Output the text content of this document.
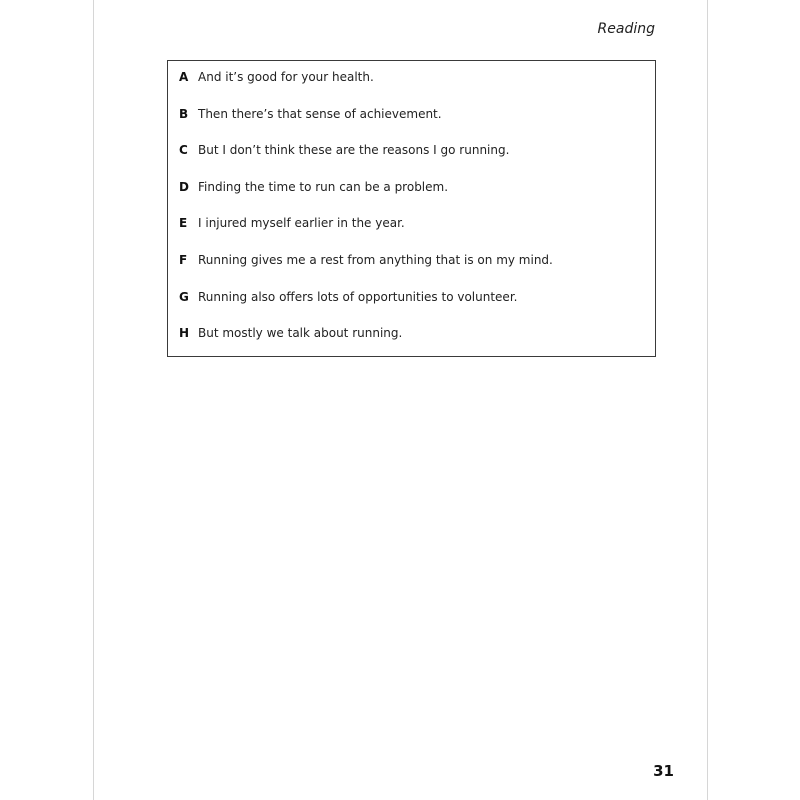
Reading
A And it’s good for your health.
B Then there’s that sense of achievement.
C But I don’t think these are the reasons I go running.
D Finding the time to run can be a problem.
E I injured myself earlier in the year.
F Running gives me a rest from anything that is on my mind.
G Running also offers lots of opportunities to volunteer.
H But mostly we talk about running.
31
